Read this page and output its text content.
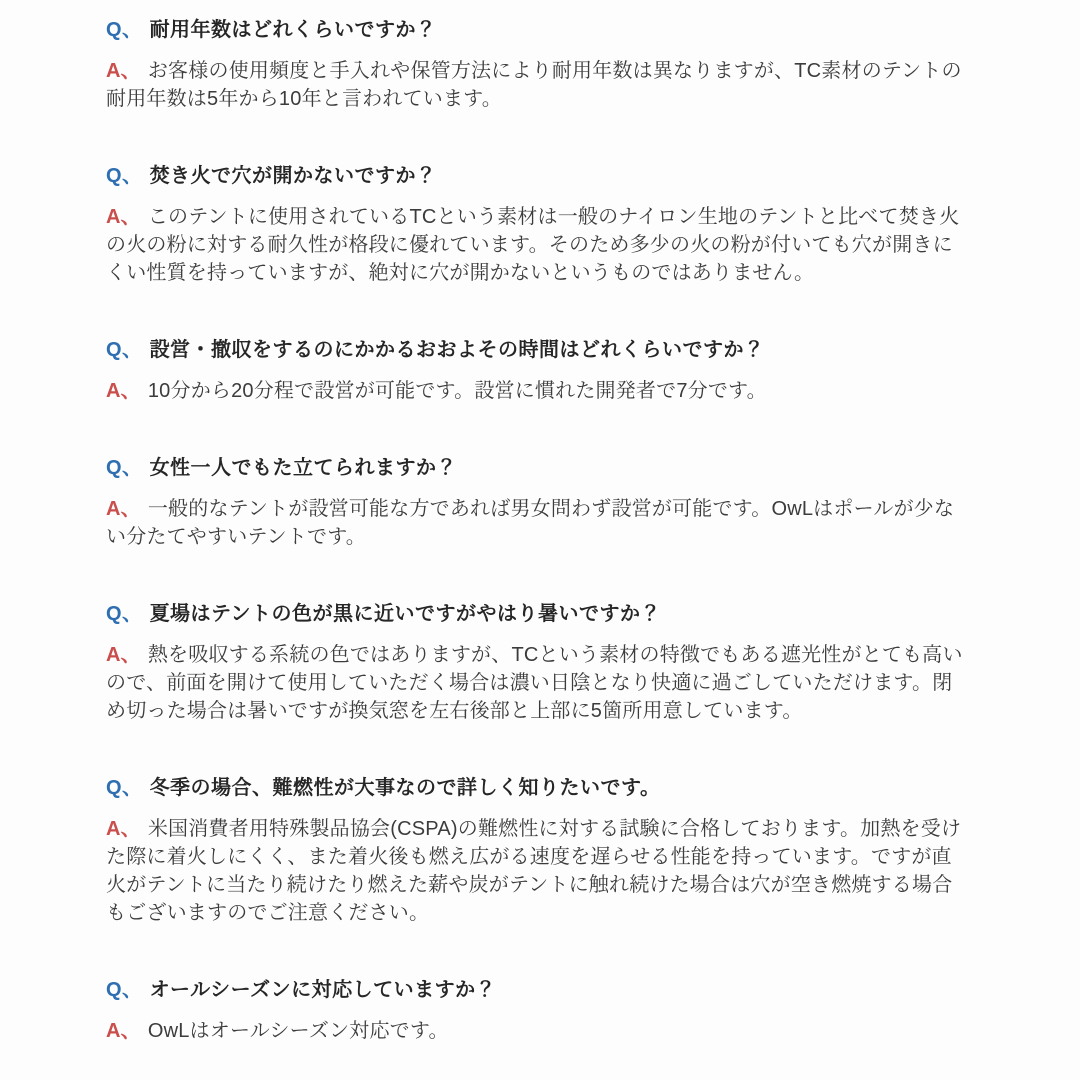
Q、 耐用年数はどれくらいですか？

A、 お客様の使用頻度と手入れや保管方法により耐用年数は異なりますが、TC素材のテントの耐用年数は5年から10年と言われています。

Q、 焚き火で穴が開かないですか？

A、 このテントに使用されているTCという素材は一般のナイロン生地のテントと比べて焚き火の火の粉に対する耐久性が格段に優れています。そのため多少の火の粉が付いても穴が開きにくい性質を持っていますが、絶対に穴が開かないというものではありません。

Q、 設営・撤収をするのにかかるおおよその時間はどれくらいですか？

A、 10分から20分程で設営が可能です。設営に慣れた開発者で7分です。

Q、 女性一人でもた立てられますか？

A、 一般的なテントが設営可能な方であれば男女問わず設営が可能です。OwLはポールが少ない分たてやすいテントです。

Q、 夏場はテントの色が黒に近いですがやはり暑いですか？

A、 熱を吸収する系統の色ではありますが、TCという素材の特徴でもある遮光性がとても高いので、前面を開けて使用していただく場合は濃い日陰となり快適に過ごしていただけます。閉め切った場合は暑いですが換気窓を左右後部と上部に5箇所用意しています。

Q、 冬季の場合、難燃性が大事なので詳しく知りたいです。

A、 米国消費者用特殊製品協会(CSPA)の難燃性に対する試験に合格しております。加熱を受けた際に着火しにくく、また着火後も燃え広がる速度を遅らせる性能を持っています。ですが直火がテントに当たり続けたり燃えた薪や炭がテントに触れ続けた場合は穴が空き燃焼する場合もございますのでご注意ください。

Q、 オールシーズンに対応していますか？

A、 OwLはオールシーズン対応です。
